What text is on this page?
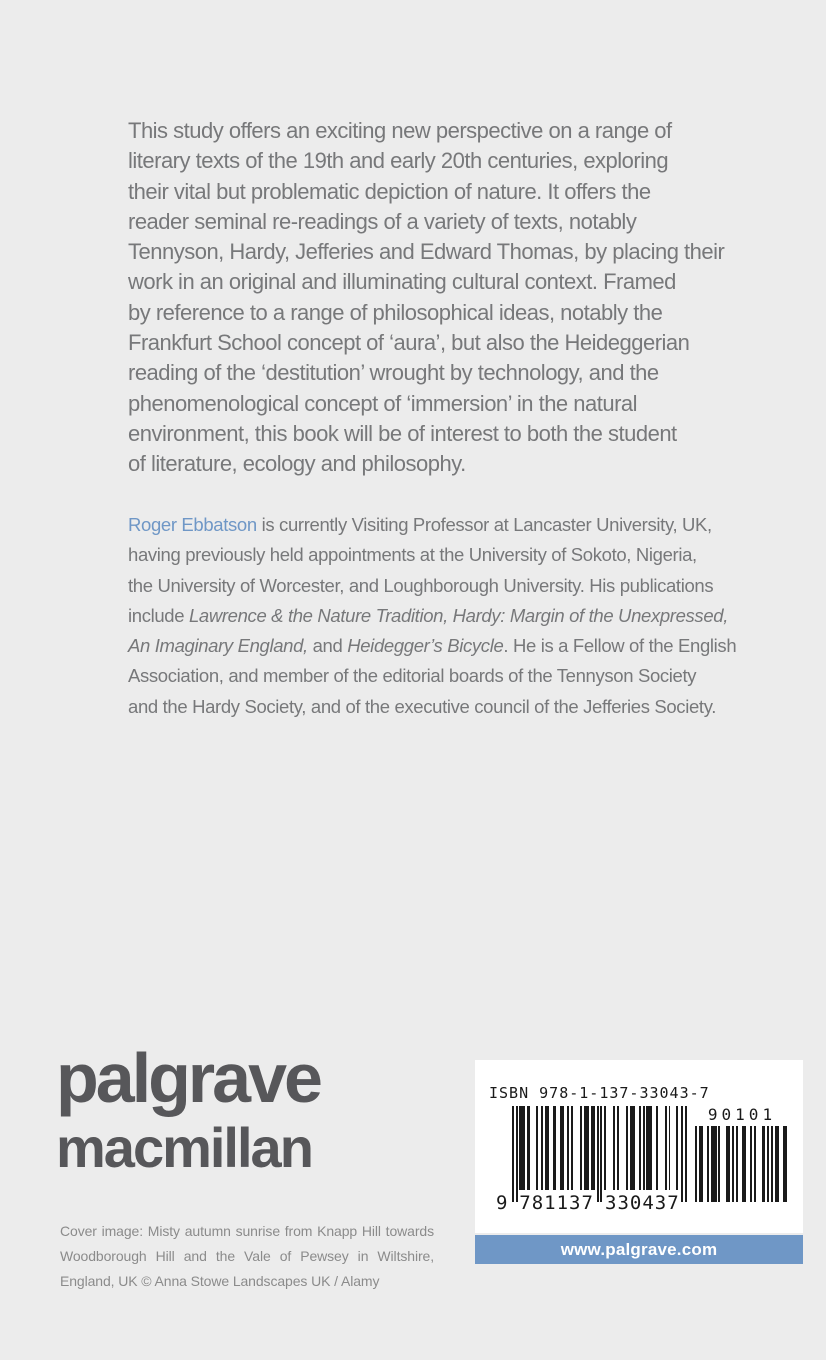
This study offers an exciting new perspective on a range of
literary texts of the 19th and early 20th centuries, exploring
their vital but problematic depiction of nature. It offers the
reader seminal re-readings of a variety of texts, notably
Tennyson, Hardy, Jefferies and Edward Thomas, by placing their
work in an original and illuminating cultural context. Framed
by reference to a range of philosophical ideas, notably the
Frankfurt School concept of ‘aura’, but also the Heideggerian
reading of the ‘destitution’ wrought by technology, and the
phenomenological concept of ‘immersion’ in the natural
environment, this book will be of interest to both the student
of literature, ecology and philosophy.
Roger Ebbatson is currently Visiting Professor at Lancaster University, UK,
having previously held appointments at the University of Sokoto, Nigeria,
the University of Worcester, and Loughborough University. His publications
include Lawrence & the Nature Tradition, Hardy: Margin of the Unexpressed,
An Imaginary England, and Heidegger’s Bicycle. He is a Fellow of the English
Association, and member of the editorial boards of the Tennyson Society
and the Hardy Society, and of the executive council of the Jefferies Society.
palgrave
macmillan
ISBN 978-1-137-33043-7
9 781137 330437
90101
www.palgrave.com
Cover image: Misty autumn sunrise from Knapp Hill towards
Woodborough Hill and the Vale of Pewsey in Wiltshire,
England, UK © Anna Stowe Landscapes UK / Alamy
